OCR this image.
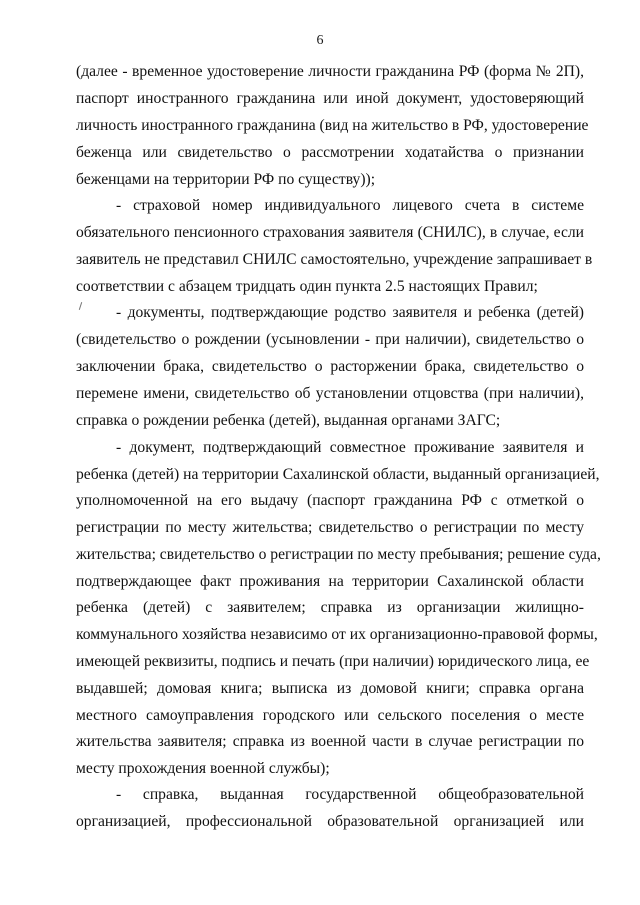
6
(далее - временное удостоверение личности гражданина РФ (форма № 2П),
паспорт иностранного гражданина или иной документ, удостоверяющий
личность иностранного гражданина (вид на жительство в РФ, удостоверение
беженца или свидетельство о рассмотрении ходатайства о признании
беженцами на территории РФ по существу));
- страховой номер индивидуального лицевого счета в системе
обязательного пенсионного страхования заявителя (СНИЛС), в случае, если
заявитель не представил СНИЛС самостоятельно, учреждение запрашивает в
соответствии с абзацем тридцать один пункта 2.5 настоящих Правил;
- документы, подтверждающие родство заявителя и ребенка (детей)
(свидетельство о рождении (усыновлении - при наличии), свидетельство о
заключении брака, свидетельство о расторжении брака, свидетельство о
перемене имени, свидетельство об установлении отцовства (при наличии),
справка о рождении ребенка (детей), выданная органами ЗАГС;
- документ, подтверждающий совместное проживание заявителя и
ребенка (детей) на территории Сахалинской области, выданный организацией,
уполномоченной на его выдачу (паспорт гражданина РФ с отметкой о
регистрации по месту жительства; свидетельство о регистрации по месту
жительства; свидетельство о регистрации по месту пребывания; решение суда,
подтверждающее факт проживания на территории Сахалинской области
ребенка (детей) с заявителем; справка из организации жилищно-
коммунального хозяйства независимо от их организационно-правовой формы,
имеющей реквизиты, подпись и печать (при наличии) юридического лица, ее
выдавшей; домовая книга; выписка из домовой книги; справка органа
местного самоуправления городского или сельского поселения о месте
жительства заявителя; справка из военной части в случае регистрации по
месту прохождения военной службы);
- справка, выданная государственной общеобразовательной
организацией, профессиональной образовательной организацией или
